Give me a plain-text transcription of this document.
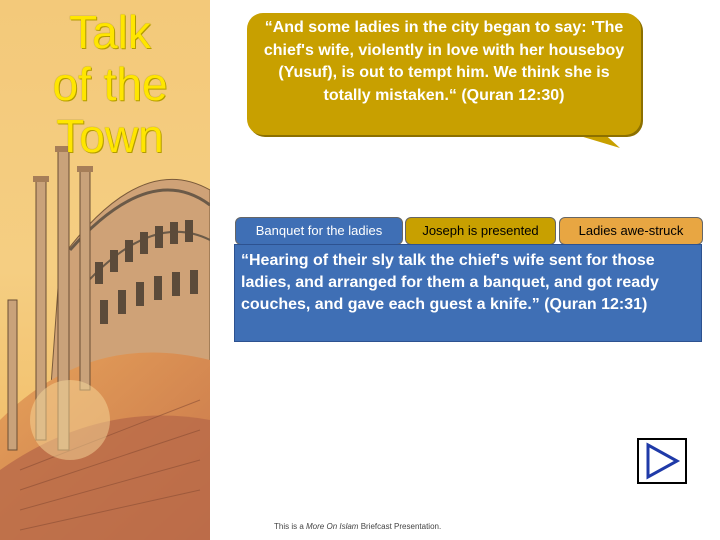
Talk
of the
Town
“And some ladies in the city began to say: 'The chief's wife, violently in love with her houseboy (Yusuf), is out to tempt him. We think she is totally mistaken.“ (Quran 12:30)
Banquet for the ladies	Joseph is presented	Ladies awe-struck
“Hearing of their sly talk the chief's wife sent for those ladies, and arranged for them a banquet, and got ready couches, and gave each guest a knife.” (Quran 12:31)
This is a More On Islam Briefcast Presentation.
